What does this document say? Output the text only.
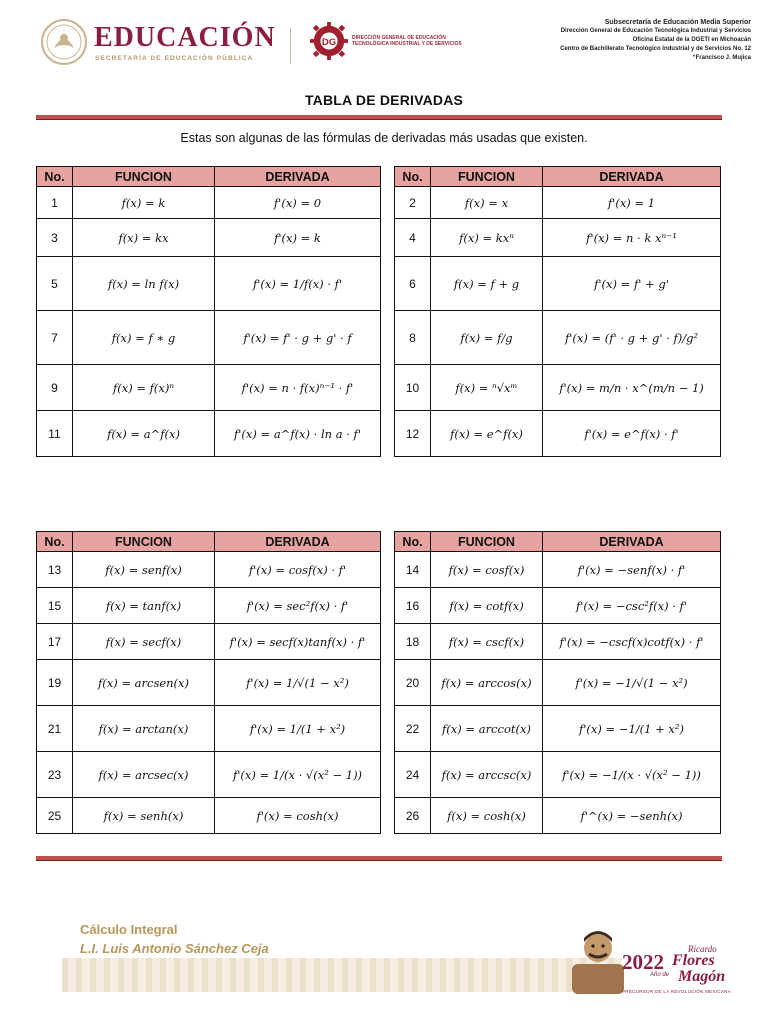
EDUCACIÓN
SECRETARÍA DE EDUCACIÓN PÚBLICA
DG	DIRECCIÓN GENERAL DE EDUCACIÓN
TECNOLÓGICA INDUSTRIAL Y DE SERVICIOS
Subsecretaría de Educación Media Superior
Dirección General de Educación Tecnológica Industrial y Servicios
Oficina Estatal de la DGETI en Michoacán
Centro de Bachillerato Tecnológico Industrial y de Servicios No. 12
“Francisco J. Mujica
TABLA DE DERIVADAS
Estas son algunas de las fórmulas de derivadas más usadas que existen.
No.	FUNCION	DERIVADA
1	f(x) = k	f'(x) = 0
3	f(x) = kx	f'(x) = k
5	f(x) = ln f(x)	f'(x) = 1/f(x) · f'
7	f(x) = f ∗ g	f'(x) = f' · g + g' · f
9	f(x) = f(x)ⁿ	f'(x) = n · f(x)ⁿ⁻¹ · f'
11	f(x) = a^f(x)	f'(x) = a^f(x) · ln a · f'
No.	FUNCION	DERIVADA
2	f(x) = x	f'(x) = 1
4	f(x) = kxⁿ	f'(x) = n · k xⁿ⁻¹
6	f(x) = f + g	f'(x) = f' + g'
8	f(x) = f/g	f'(x) = (f' · g + g' · f)/g²
10	f(x) = ⁿ√xᵐ	f'(x) = m/n · x^(m/n − 1)
12	f(x) = e^f(x)	f'(x) = e^f(x) · f'
No.	FUNCION	DERIVADA
13	f(x) = senf(x)	f'(x) = cosf(x) · f'
15	f(x) = tanf(x)	f'(x) = sec²f(x) · f'
17	f(x) = secf(x)	f'(x) = secf(x)tanf(x) · f'
19	f(x) = arcsen(x)	f'(x) = 1/√(1 − x²)
21	f(x) = arctan(x)	f'(x) = 1/(1 + x²)
23	f(x) = arcsec(x)	f'(x) = 1/(x · √(x² − 1))
25	f(x) = senh(x)	f'(x) = cosh(x)
No.	FUNCION	DERIVADA
14	f(x) = cosf(x)	f'(x) = −senf(x) · f'
16	f(x) = cotf(x)	f'(x) = −csc²f(x) · f'
18	f(x) = cscf(x)	f'(x) = −cscf(x)cotf(x) · f'
20	f(x) = arccos(x)	f'(x) = −1/√(1 − x²)
22	f(x) = arccot(x)	f'(x) = −1/(1 + x²)
24	f(x) = arccsc(x)	f'(x) = −1/(x · √(x² − 1))
26	f(x) = cosh(x)	f'^(x) = −senh(x)
Cálculo Integral
L.I. Luis Antonio Sánchez Ceja
2022
Ricardo
Flores
Magón
Año de
PRECURSOR DE LA REVOLUCIÓN MEXICANA
